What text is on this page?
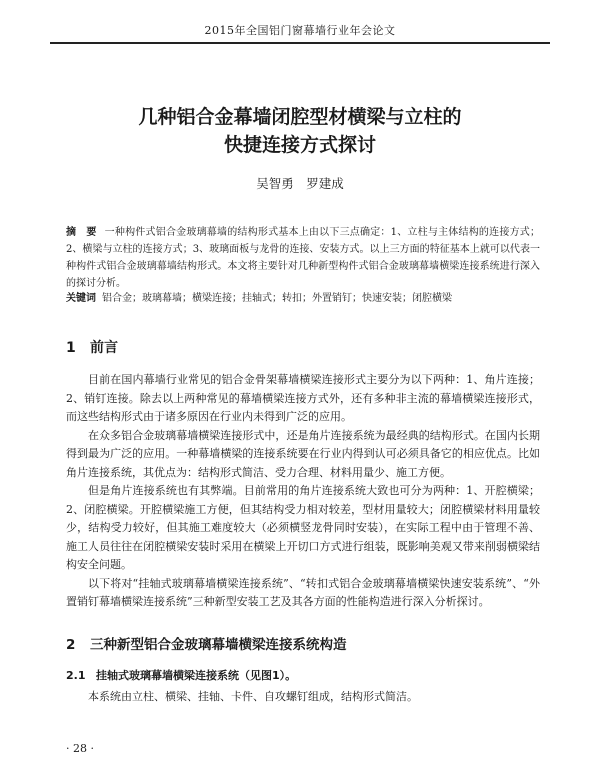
2015年全国铝门窗幕墙行业年会论文
几种铝合金幕墙闭腔型材横梁与立柱的
快捷连接方式探讨
吴智勇　罗建成
摘　要 一种构件式铝合金玻璃幕墙的结构形式基本上由以下三点确定：1、立柱与主体结构的连接方式；2、横梁与立柱的连接方式；3、玻璃面板与龙骨的连接、安装方式。以上三方面的特征基本上就可以代表一种构件式铝合金玻璃幕墙结构形式。本文将主要针对几种新型构件式铝合金玻璃幕墙横梁连接系统进行深入的探讨分析。
关键词 铝合金；玻璃幕墙；横梁连接；挂轴式；转扣；外置销钉；快速安装；闭腔横梁
1 前言

目前在国内幕墙行业常见的铝合金骨架幕墙横梁连接形式主要分为以下两种：1、角片连接；2、销钉连接。除去以上两种常见的幕墙横梁连接方式外，还有多种非主流的幕墙横梁连接形式，而这些结构形式由于诸多原因在行业内未得到广泛的应用。

在众多铝合金玻璃幕墙横梁连接形式中，还是角片连接系统为最经典的结构形式。在国内长期得到最为广泛的应用。一种幕墙横梁的连接系统要在行业内得到认可必须具备它的相应优点。比如角片连接系统，其优点为：结构形式简洁、受力合理、材料用量少、施工方便。

但是角片连接系统也有其弊端。目前常用的角片连接系统大致也可分为两种：1、开腔横梁；2、闭腔横梁。开腔横梁施工方便，但其结构受力相对较差，型材用量较大；闭腔横梁材料用量较少，结构受力较好，但其施工难度较大（必须横竖龙骨同时安装），在实际工程中由于管理不善、施工人员往往在闭腔横梁安装时采用在横梁上开切口方式进行组装，既影响美观又带来削弱横梁结构安全问题。

以下将对“挂轴式玻璃幕墙横梁连接系统”、“转扣式铝合金玻璃幕墙横梁快速安装系统”、“外置销钉幕墙横梁连接系统”三种新型安装工艺及其各方面的性能构造进行深入分析探讨。

2 三种新型铝合金玻璃幕墙横梁连接系统构造
2.1 挂轴式玻璃幕墙横梁连接系统（见图1）。

本系统由立柱、横梁、挂轴、卡件、自攻螺钉组成，结构形式简洁。

· 28 ·
